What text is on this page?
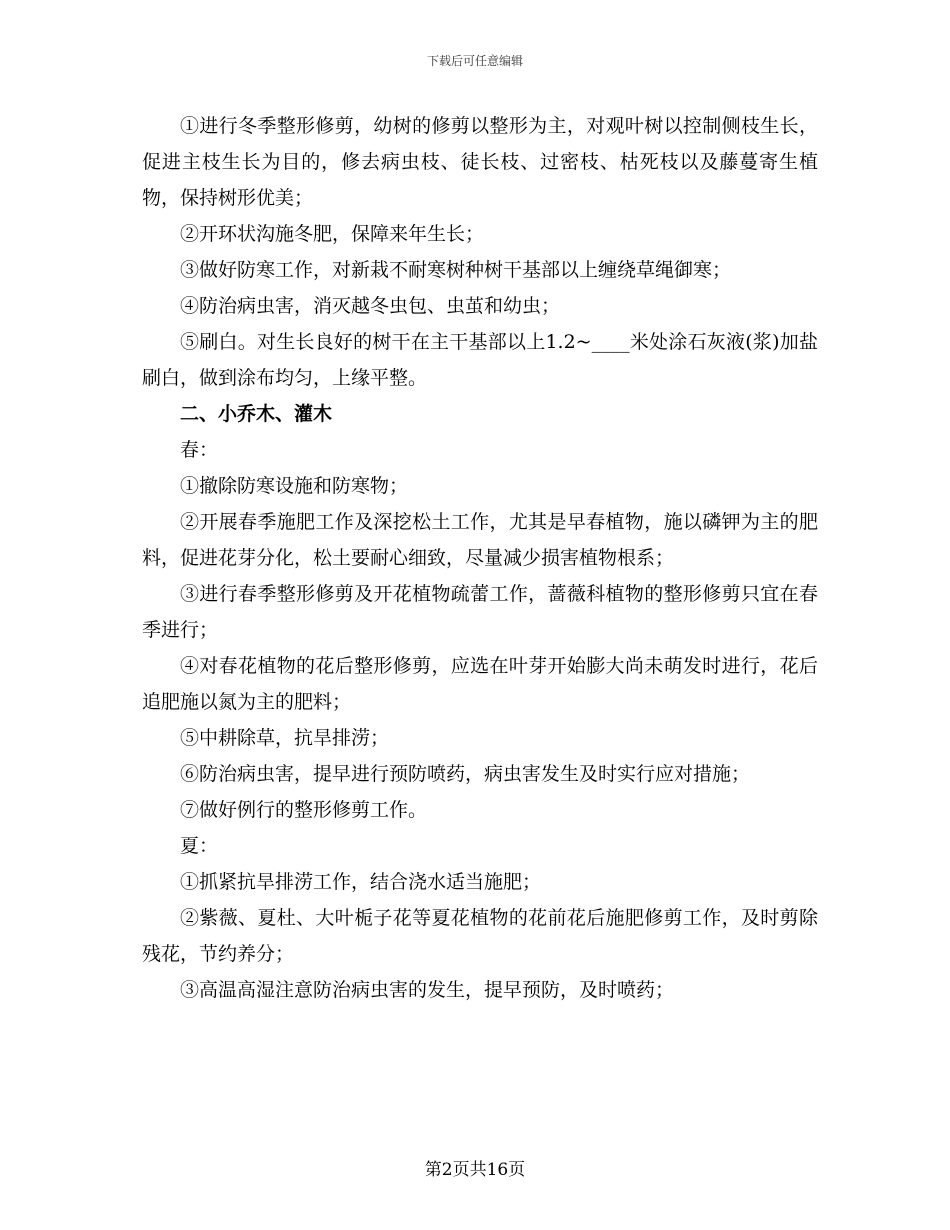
下载后可任意编辑

①进行冬季整形修剪，幼树的修剪以整形为主，对观叶树以控制侧枝生长，促进主枝生长为目的，修去病虫枝、徒长枝、过密枝、枯死枝以及藤蔓寄生植物，保持树形优美；

②开环状沟施冬肥，保障来年生长；

③做好防寒工作，对新栽不耐寒树种树干基部以上缠绕草绳御寒；

④防治病虫害，消灭越冬虫包、虫茧和幼虫；

⑤刷白。对生长良好的树干在主干基部以上1.2~____米处涂石灰液(浆)加盐刷白，做到涂布均匀，上缘平整。

二、小乔木、灌木

春：

①撤除防寒设施和防寒物；

②开展春季施肥工作及深挖松土工作，尤其是早春植物，施以磷钾为主的肥料，促进花芽分化，松土要耐心细致，尽量减少损害植物根系；

③进行春季整形修剪及开花植物疏蕾工作，蔷薇科植物的整形修剪只宜在春季进行；

④对春花植物的花后整形修剪，应选在叶芽开始膨大尚未萌发时进行，花后追肥施以氮为主的肥料；

⑤中耕除草，抗旱排涝；

⑥防治病虫害，提早进行预防喷药，病虫害发生及时实行应对措施；

⑦做好例行的整形修剪工作。

夏：

①抓紧抗旱排涝工作，结合浇水适当施肥；

②紫薇、夏杜、大叶栀子花等夏花植物的花前花后施肥修剪工作，及时剪除残花，节约养分；

③高温高湿注意防治病虫害的发生，提早预防，及时喷药；

第2页共16页
